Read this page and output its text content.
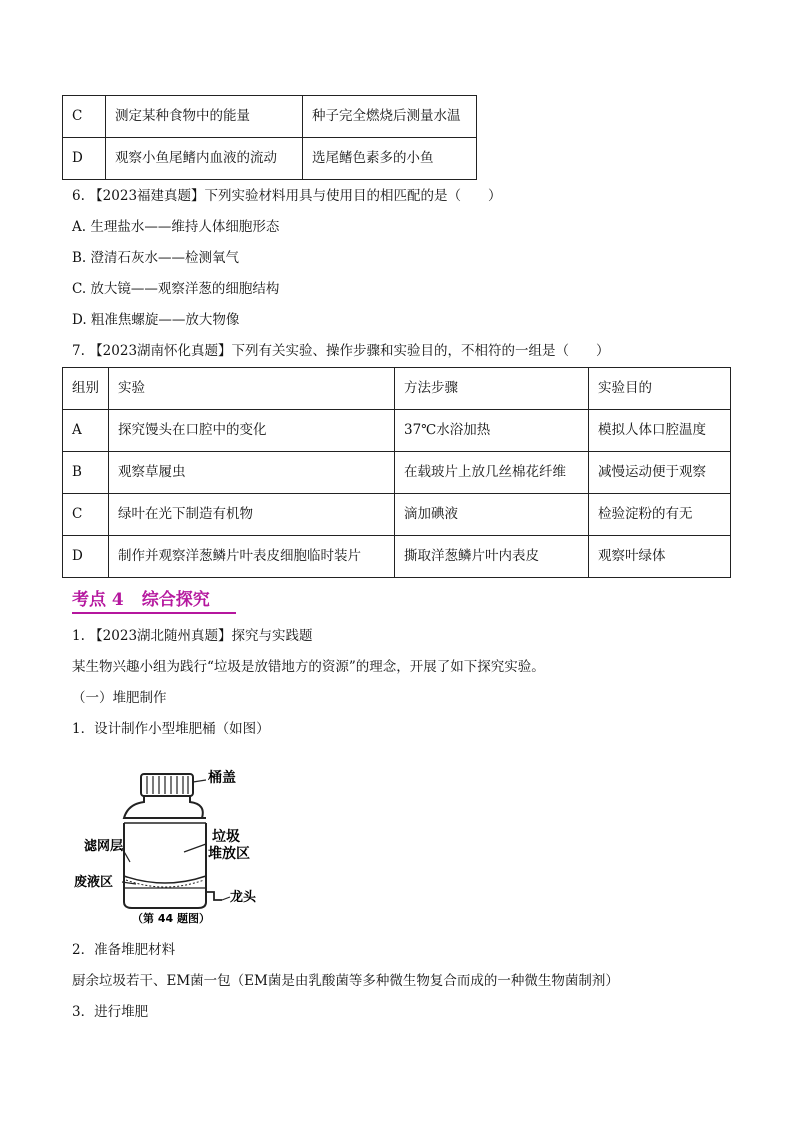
C	测定某种食物中的能量	种子完全燃烧后测量水温
D	观察小鱼尾鳍内血液的流动	选尾鳍色素多的小鱼
6. 【2023福建真题】下列实验材料用具与使用目的相匹配的是（　　）
A. 生理盐水——维持人体细胞形态
B. 澄清石灰水——检测氧气
C. 放大镜——观察洋葱的细胞结构
D. 粗准焦螺旋——放大物像
7. 【2023湖南怀化真题】下列有关实验、操作步骤和实验目的，不相符的一组是（　　）
组别	实验	方法步骤	实验目的
A	探究馒头在口腔中的变化	37℃水浴加热	模拟人体口腔温度
B	观察草履虫	在载玻片上放几丝棉花纤维	减慢运动便于观察
C	绿叶在光下制造有机物	滴加碘液	检验淀粉的有无
D	制作并观察洋葱鳞片叶表皮细胞临时装片	撕取洋葱鳞片叶内表皮	观察叶绿体
考点 4 综合探究
1. 【2023湖北随州真题】探究与实践题
某生物兴趣小组为践行“垃圾是放错地方的资源”的理念，开展了如下探究实验。
（一）堆肥制作
1．设计制作小型堆肥桶（如图）
桶盖
垃圾
堆放区
滤网层
废液区
龙头
（第 44 题图）
2．准备堆肥材料
厨余垃圾若干、EM菌一包（EM菌是由乳酸菌等多种微生物复合而成的一种微生物菌制剂）
3．进行堆肥
